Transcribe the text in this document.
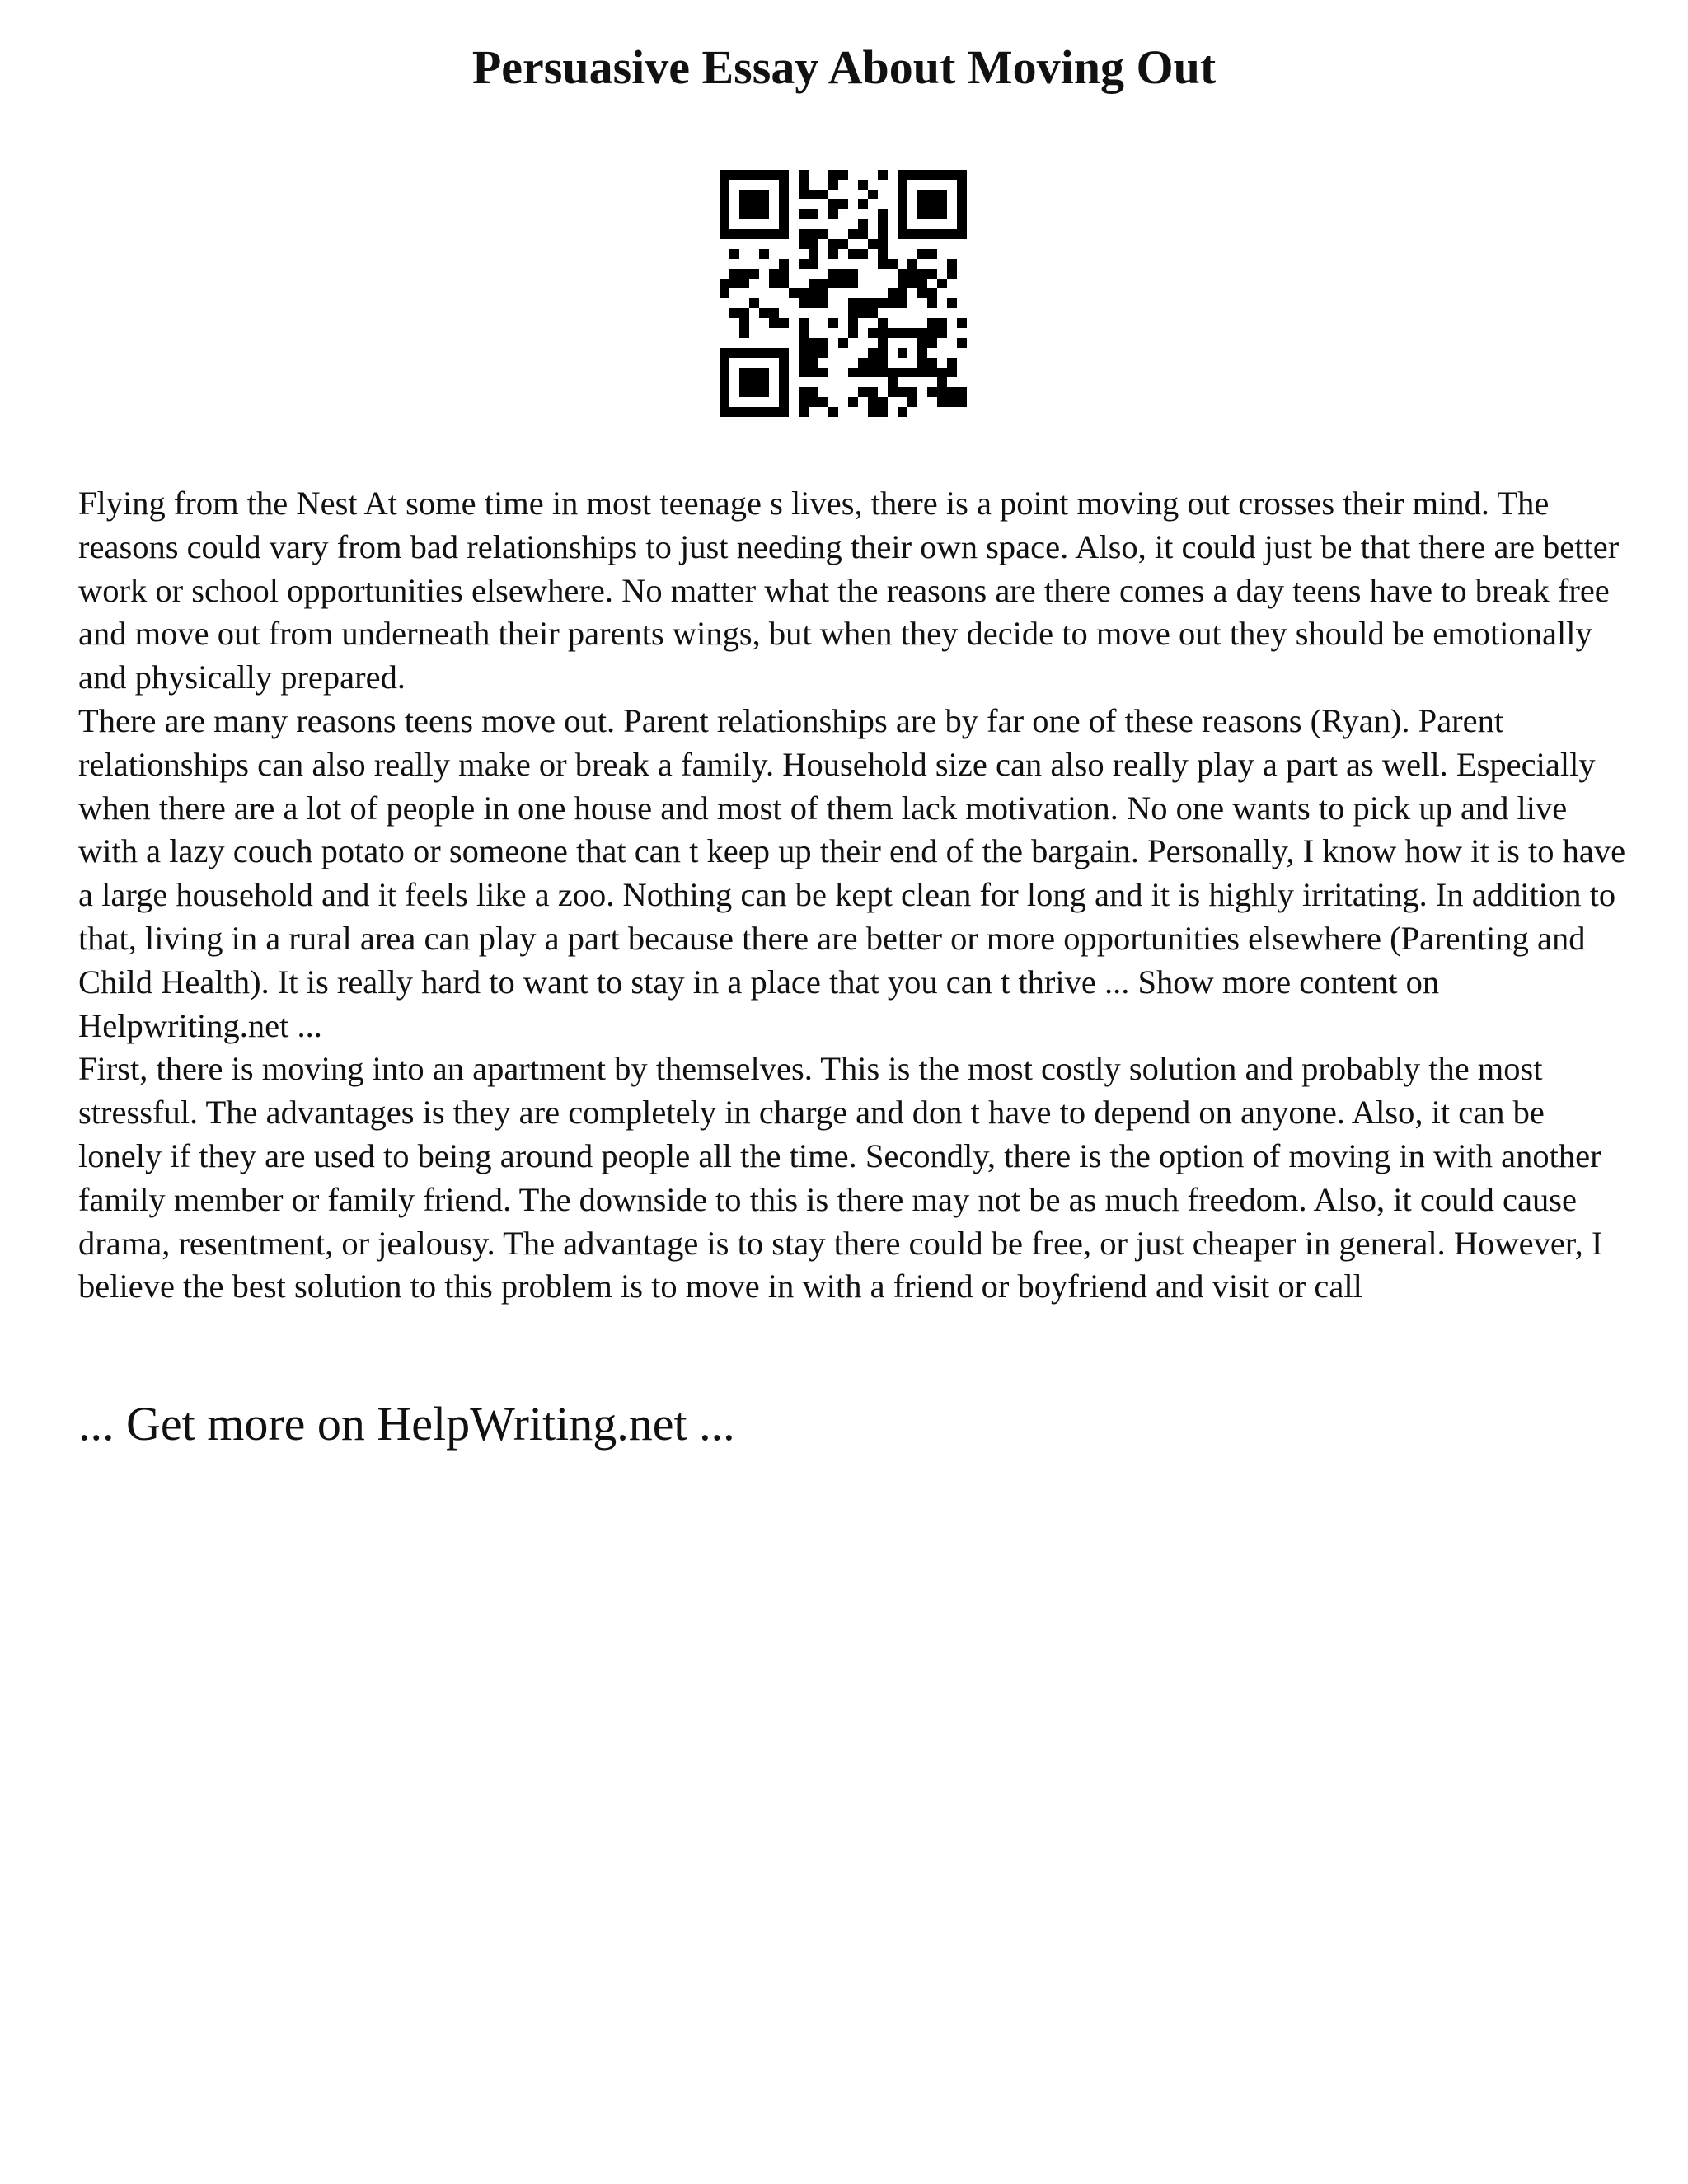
Persuasive Essay About Moving Out

Flying from the Nest At some time in most teenage s lives, there is a point moving out crosses their mind. The reasons could vary from bad relationships to just needing their own space. Also, it could just be that there are better work or school opportunities elsewhere. No matter what the reasons are there comes a day teens have to break free and move out from underneath their parents wings, but when they decide to move out they should be emotionally and physically prepared.

There are many reasons teens move out. Parent relationships are by far one of these reasons (Ryan). Parent relationships can also really make or break a family. Household size can also really play a part as well. Especially when there are a lot of people in one house and most of them lack motivation. No one wants to pick up and live with a lazy couch potato or someone that can t keep up their end of the bargain. Personally, I know how it is to have a large household and it feels like a zoo. Nothing can be kept clean for long and it is highly irritating. In addition to that, living in a rural area can play a part because there are better or more opportunities elsewhere (Parenting and Child Health). It is really hard to want to stay in a place that you can t thrive ... Show more content on Helpwriting.net ...

First, there is moving into an apartment by themselves. This is the most costly solution and probably the most stressful. The advantages is they are completely in charge and don t have to depend on anyone. Also, it can be lonely if they are used to being around people all the time. Secondly, there is the option of moving in with another family member or family friend. The downside to this is there may not be as much freedom. Also, it could cause drama, resentment, or jealousy. The advantage is to stay there could be free, or just cheaper in general. However, I believe the best solution to this problem is to move in with a friend or boyfriend and visit or call

... Get more on HelpWriting.net ...
